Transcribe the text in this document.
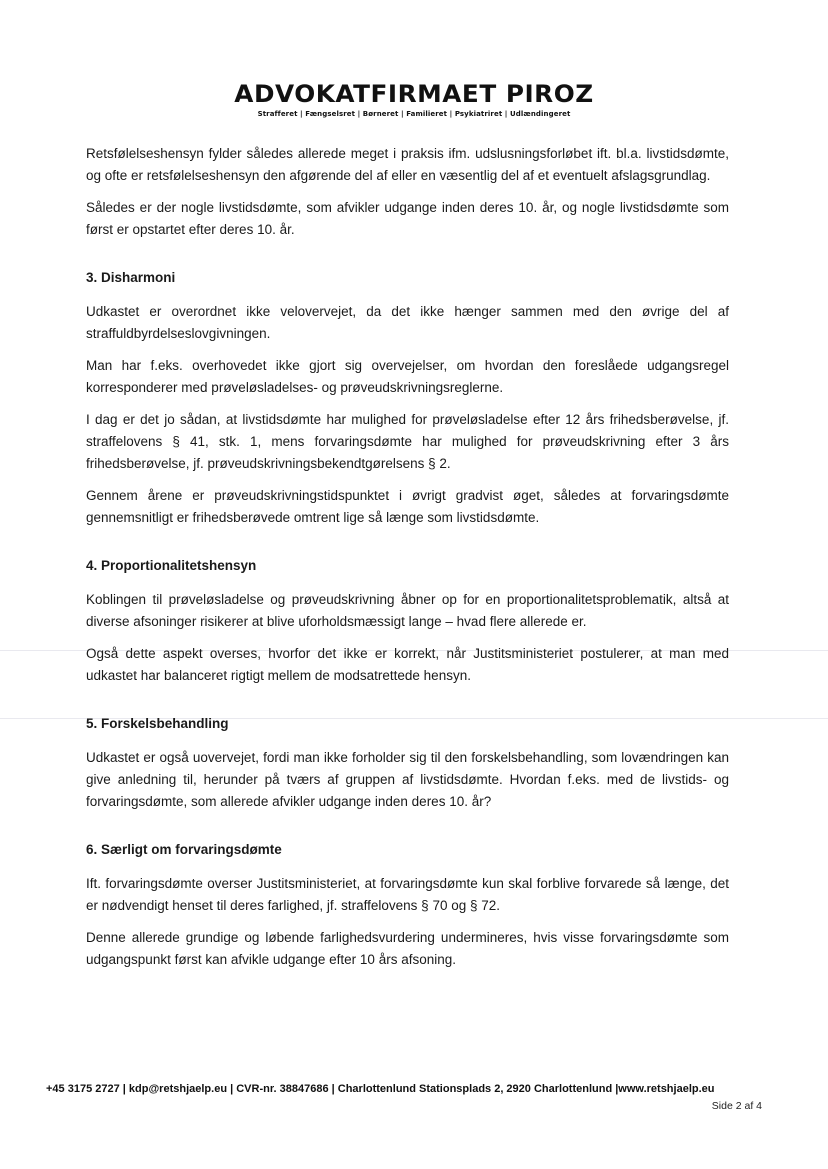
ADVOKATFIRMAET PIROZ
Strafferet | Fængselsret | Børneret | Familieret | Psykiatriret | Udlændingeret

Retsfølelseshensyn fylder således allerede meget i praksis ifm. udslusningsforløbet ift. bl.a. livstidsdømte, og ofte er retsfølelseshensyn den afgørende del af eller en væsentlig del af et eventuelt afslagsgrundlag.

Således er der nogle livstidsdømte, som afvikler udgange inden deres 10. år, og nogle livstidsdømte som først er opstartet efter deres 10. år.

3. Disharmoni

Udkastet er overordnet ikke velovervejet, da det ikke hænger sammen med den øvrige del af straffuldbyrdelseslovgivningen.

Man har f.eks. overhovedet ikke gjort sig overvejelser, om hvordan den foreslåede udgangsregel korresponderer med prøveløsladelses- og prøveudskrivningsreglerne.

I dag er det jo sådan, at livstidsdømte har mulighed for prøveløsladelse efter 12 års frihedsberøvelse, jf. straffelovens § 41, stk. 1, mens forvaringsdømte har mulighed for prøveudskrivning efter 3 års frihedsberøvelse, jf. prøveudskrivningsbekendtgørelsens § 2.

Gennem årene er prøveudskrivningstidspunktet i øvrigt gradvist øget, således at forvaringsdømte gennemsnitligt er frihedsberøvede omtrent lige så længe som livstidsdømte.

4. Proportionalitetshensyn

Koblingen til prøveløsladelse og prøveudskrivning åbner op for en proportionalitetsproblematik, altså at diverse afsoninger risikerer at blive uforholdsmæssigt lange – hvad flere allerede er.

Også dette aspekt overses, hvorfor det ikke er korrekt, når Justitsministeriet postulerer, at man med udkastet har balanceret rigtigt mellem de modsatrettede hensyn.

5. Forskelsbehandling

Udkastet er også uovervejet, fordi man ikke forholder sig til den forskelsbehandling, som lovændringen kan give anledning til, herunder på tværs af gruppen af livstidsdømte. Hvordan f.eks. med de livstids- og forvaringsdømte, som allerede afvikler udgange inden deres 10. år?

6. Særligt om forvaringsdømte

Ift. forvaringsdømte overser Justitsministeriet, at forvaringsdømte kun skal forblive forvarede så længe, det er nødvendigt henset til deres farlighed, jf. straffelovens § 70 og § 72.

Denne allerede grundige og løbende farlighedsvurdering undermineres, hvis visse forvaringsdømte som udgangspunkt først kan afvikle udgange efter 10 års afsoning.

+45 3175 2727 | kdp@retshjaelp.eu | CVR-nr. 38847686 | Charlottenlund Stationsplads 2, 2920 Charlottenlund |www.retshjaelp.eu
Side 2 af 4
